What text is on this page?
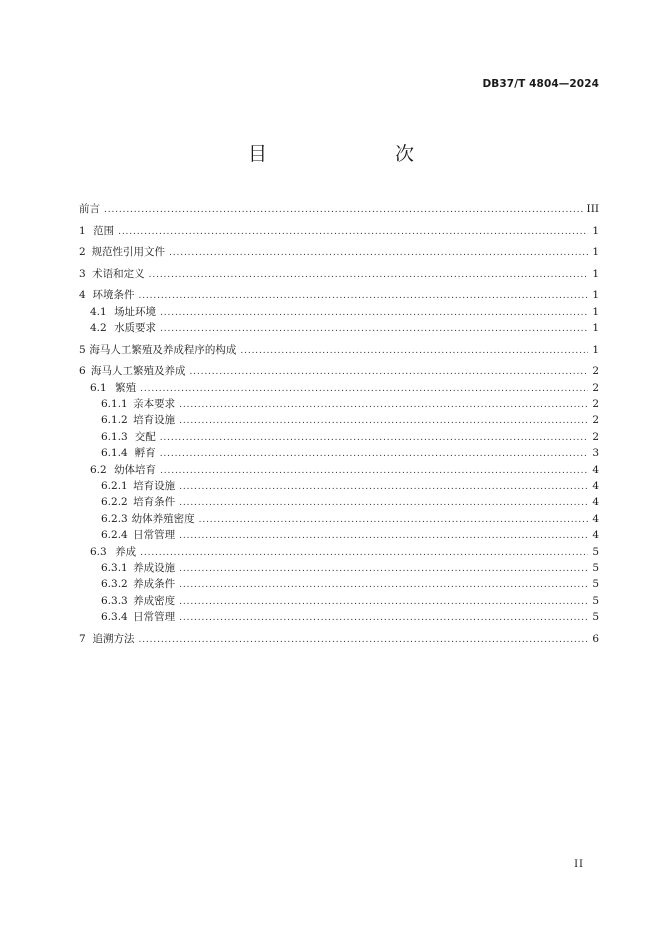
DB37/T 4804—2024
目　　次
前言 . . .	III
1 范围 . . .	1
2 规范性引用文件 . . .	1
3 术语和定义 . . .	1
4 环境条件 . . .	1
4.1 场址环境 . . .	1
4.2 水质要求 . . .	1
5 海马人工繁殖及养成程序的构成 . . .	1
6 海马人工繁殖及养成 . . .	2
6.1 繁殖 . . .	2
6.1.1 亲本要求 . . .	2
6.1.2 培育设施 . . .	2
6.1.3 交配 . . .	2
6.1.4 孵育 . . .	3
6.2 幼体培育 . . .	4
6.2.1 培育设施 . . .	4
6.2.2 培育条件 . . .	4
6.2.3 幼体养殖密度 . . .	4
6.2.4 日常管理 . . .	4
6.3 养成 . . .	5
6.3.1 养成设施 . . .	5
6.3.2 养成条件 . . .	5
6.3.3 养成密度 . . .	5
6.3.4 日常管理 . . .	5
7 追溯方法 . . .	6
II
